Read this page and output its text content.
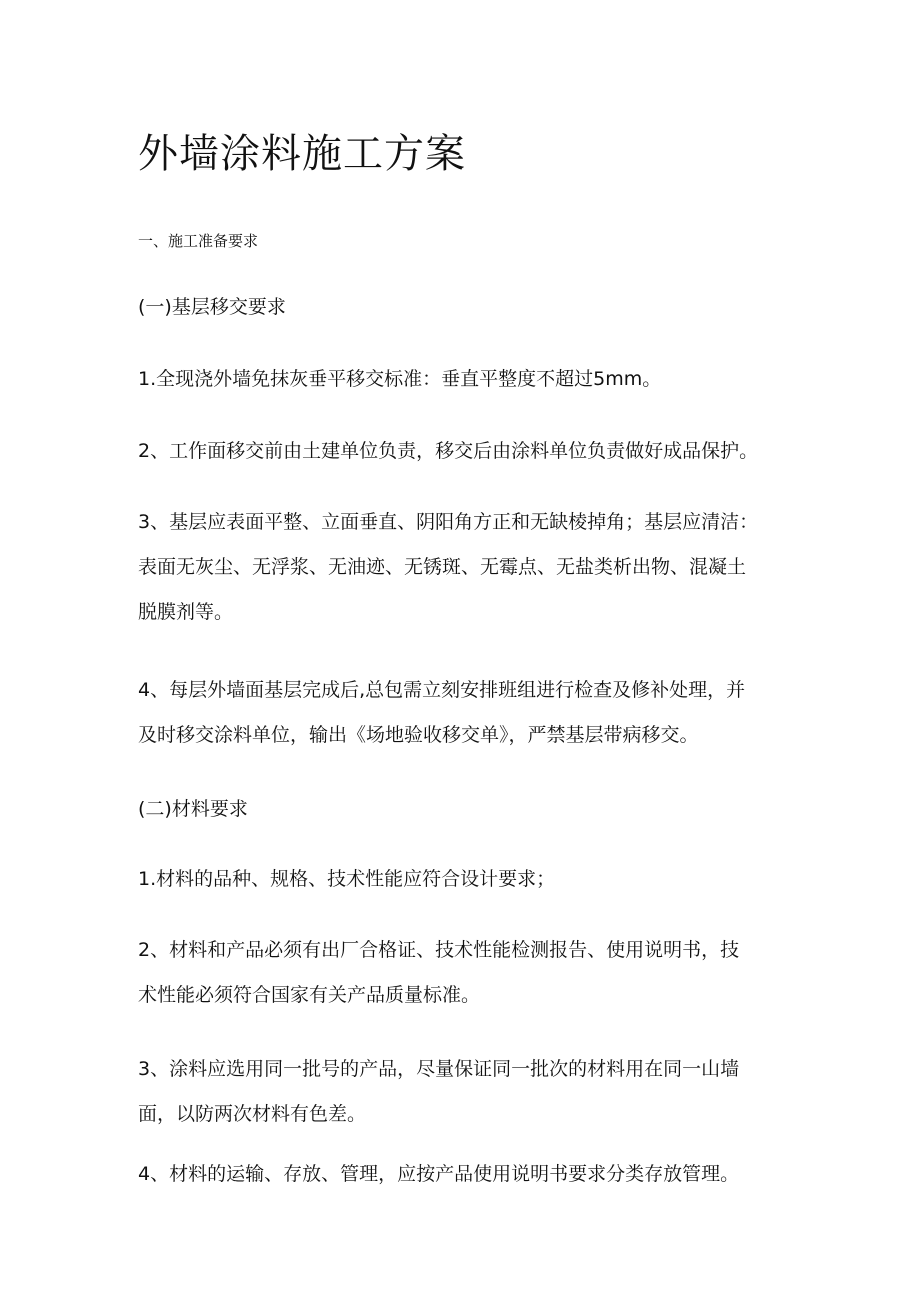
外墙涂料施工方案

一、施工准备要求

(一)基层移交要求

1.全现浇外墙免抹灰垂平移交标准：垂直平整度不超过5mm。

2、工作面移交前由土建单位负责，移交后由涂料单位负责做好成品保护。

3、基层应表面平整、立面垂直、阴阳角方正和无缺棱掉角；基层应清洁：

表面无灰尘、无浮浆、无油迹、无锈斑、无霉点、无盐类析出物、混凝土

脱膜剂等。

4、每层外墙面基层完成后,总包需立刻安排班组进行检查及修补处理，并

及时移交涂料单位，输出《场地验收移交单》，严禁基层带病移交。

(二)材料要求

1.材料的品种、规格、技术性能应符合设计要求；

2、材料和产品必须有出厂合格证、技术性能检测报告、使用说明书，技

术性能必须符合国家有关产品质量标准。

3、涂料应选用同一批号的产品，尽量保证同一批次的材料用在同一山墙

面，以防两次材料有色差。

4、材料的运输、存放、管理，应按产品使用说明书要求分类存放管理。
